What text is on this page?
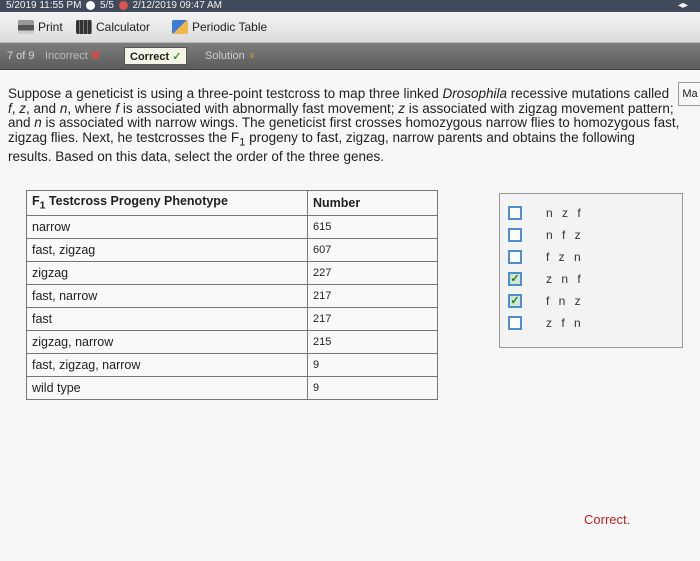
5/2019 11:55 PM 5/5 2/12/2019 09:47 AM	◂▸
Print	Calculator	Periodic Table
7 of 9 Incorrect ✖	Correct ✓	Solution ♀
Ma

Suppose a geneticist is using a three-point testcross to map three linked Drosophila recessive mutations called f, z, and n, where f is associated with abnormally fast movement; z is associated with zigzag movement pattern; and n is associated with narrow wings. The geneticist first crosses homozygous narrow flies to homozygous fast, zigzag flies. Next, he testcrosses the $F_1$ progeny to fast, zigzag, narrow parents and obtains the following results. Based on this data, select the order of the three genes.

$F_1$ Testcross Progeny Phenotype	Number
narrow	615
fast, zigzag	607
zigzag	227
fast, narrow	217
fast	217
zigzag, narrow	215
fast, zigzag, narrow	9
wild type	9
n z f
n f z
f z n
✓ z n f
✓ f n z
z f n
Correct.
